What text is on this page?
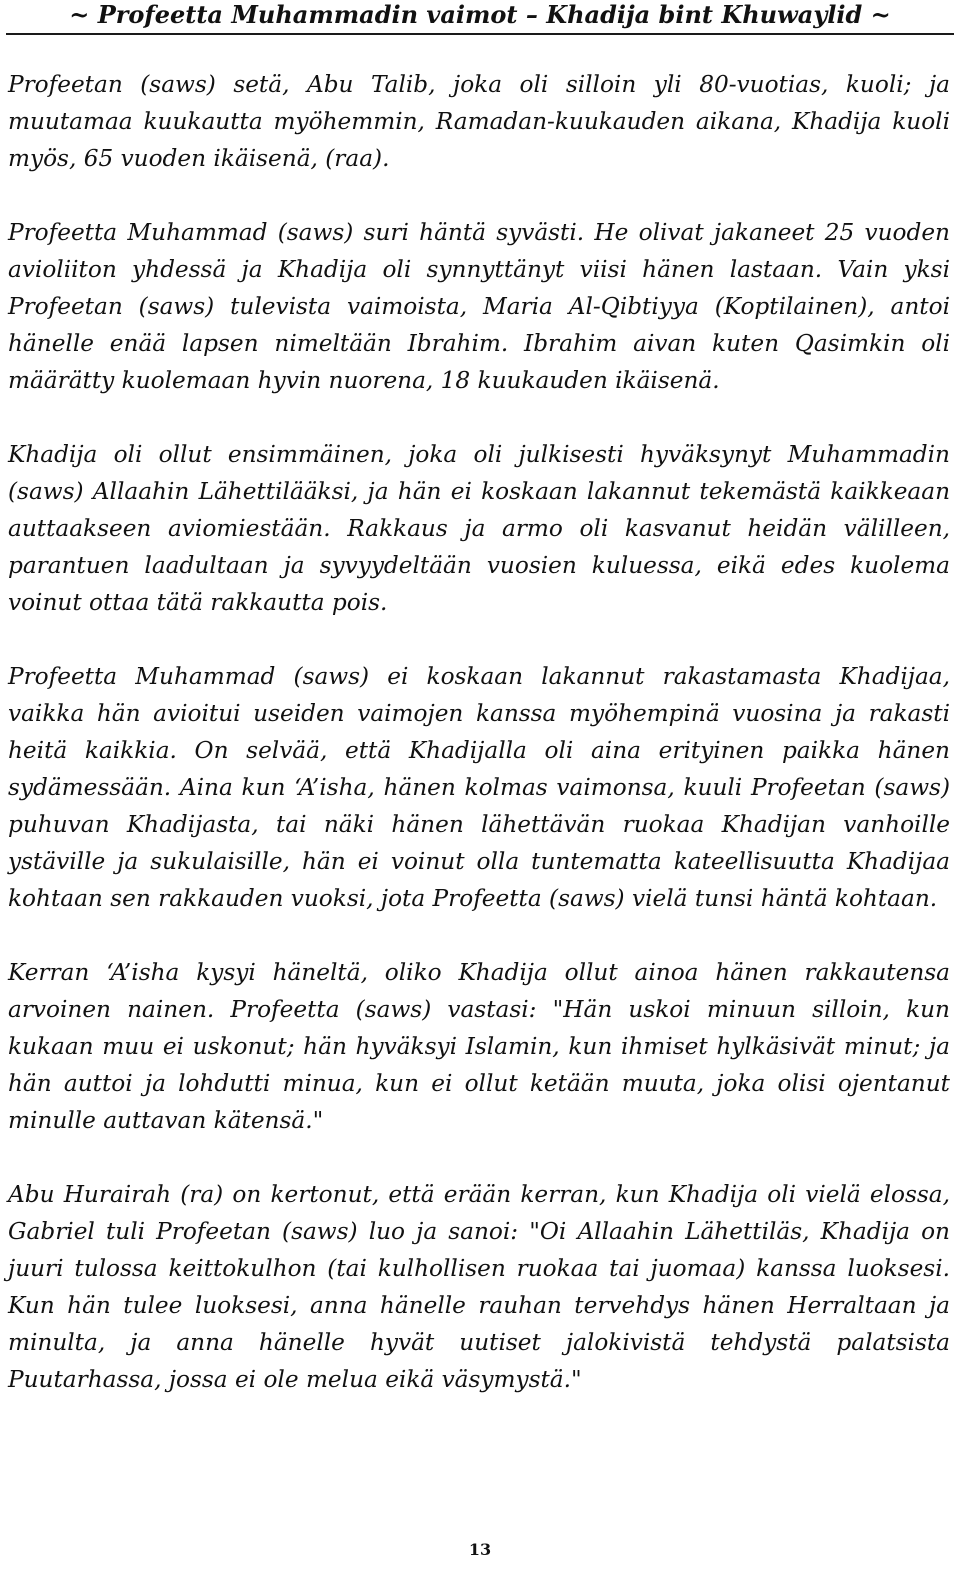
~ Profeetta Muhammadin vaimot – Khadija bint Khuwaylid ~

Profeetan (saws) setä, Abu Talib, joka oli silloin yli 80-vuotias, kuoli; ja muutamaa kuukautta myöhemmin, Ramadan-kuukauden aikana, Khadija kuoli myös, 65 vuoden ikäisenä, (raa).

Profeetta Muhammad (saws) suri häntä syvästi. He olivat jakaneet 25 vuoden avioliiton yhdessä ja Khadija oli synnyttänyt viisi hänen lastaan. Vain yksi Profeetan (saws) tulevista vaimoista, Maria Al-Qibtiyya (Koptilainen), antoi hänelle enää lapsen nimeltään Ibrahim. Ibrahim aivan kuten Qasimkin oli määrätty kuolemaan hyvin nuorena, 18 kuukauden ikäisenä.

Khadija oli ollut ensimmäinen, joka oli julkisesti hyväksynyt Muhammadin (saws) Allaahin Lähettilääksi, ja hän ei koskaan lakannut tekemästä kaikkeaan auttaakseen aviomiestään. Rakkaus ja armo oli kasvanut heidän välilleen, parantuen laadultaan ja syvyydeltään vuosien kuluessa, eikä edes kuolema voinut ottaa tätä rakkautta pois.

Profeetta Muhammad (saws) ei koskaan lakannut rakastamasta Khadijaa, vaikka hän avioitui useiden vaimojen kanssa myöhempinä vuosina ja rakasti heitä kaikkia. On selvää, että Khadijalla oli aina erityinen paikka hänen sydämessään. Aina kun ‘A’isha, hänen kolmas vaimonsa, kuuli Profeetan (saws) puhuvan Khadijasta, tai näki hänen lähettävän ruokaa Khadijan vanhoille ystäville ja sukulaisille, hän ei voinut olla tuntematta kateellisuutta Khadijaa kohtaan sen rakkauden vuoksi, jota Profeetta (saws) vielä tunsi häntä kohtaan.

Kerran ‘A’isha kysyi häneltä, oliko Khadija ollut ainoa hänen rakkautensa arvoinen nainen. Profeetta (saws) vastasi: "Hän uskoi minuun silloin, kun kukaan muu ei uskonut; hän hyväksyi Islamin, kun ihmiset hylkäsivät minut; ja hän auttoi ja lohdutti minua, kun ei ollut ketään muuta, joka olisi ojentanut minulle auttavan kätensä."

Abu Hurairah (ra) on kertonut, että erään kerran, kun Khadija oli vielä elossa, Gabriel tuli Profeetan (saws) luo ja sanoi: "Oi Allaahin Lähettiläs, Khadija on juuri tulossa keittokulhon (tai kulhollisen ruokaa tai juomaa) kanssa luoksesi. Kun hän tulee luoksesi, anna hänelle rauhan tervehdys hänen Herraltaan ja minulta, ja anna hänelle hyvät uutiset jalokivistä tehdystä palatsista Puutarhassa, jossa ei ole melua eikä väsymystä."

13
